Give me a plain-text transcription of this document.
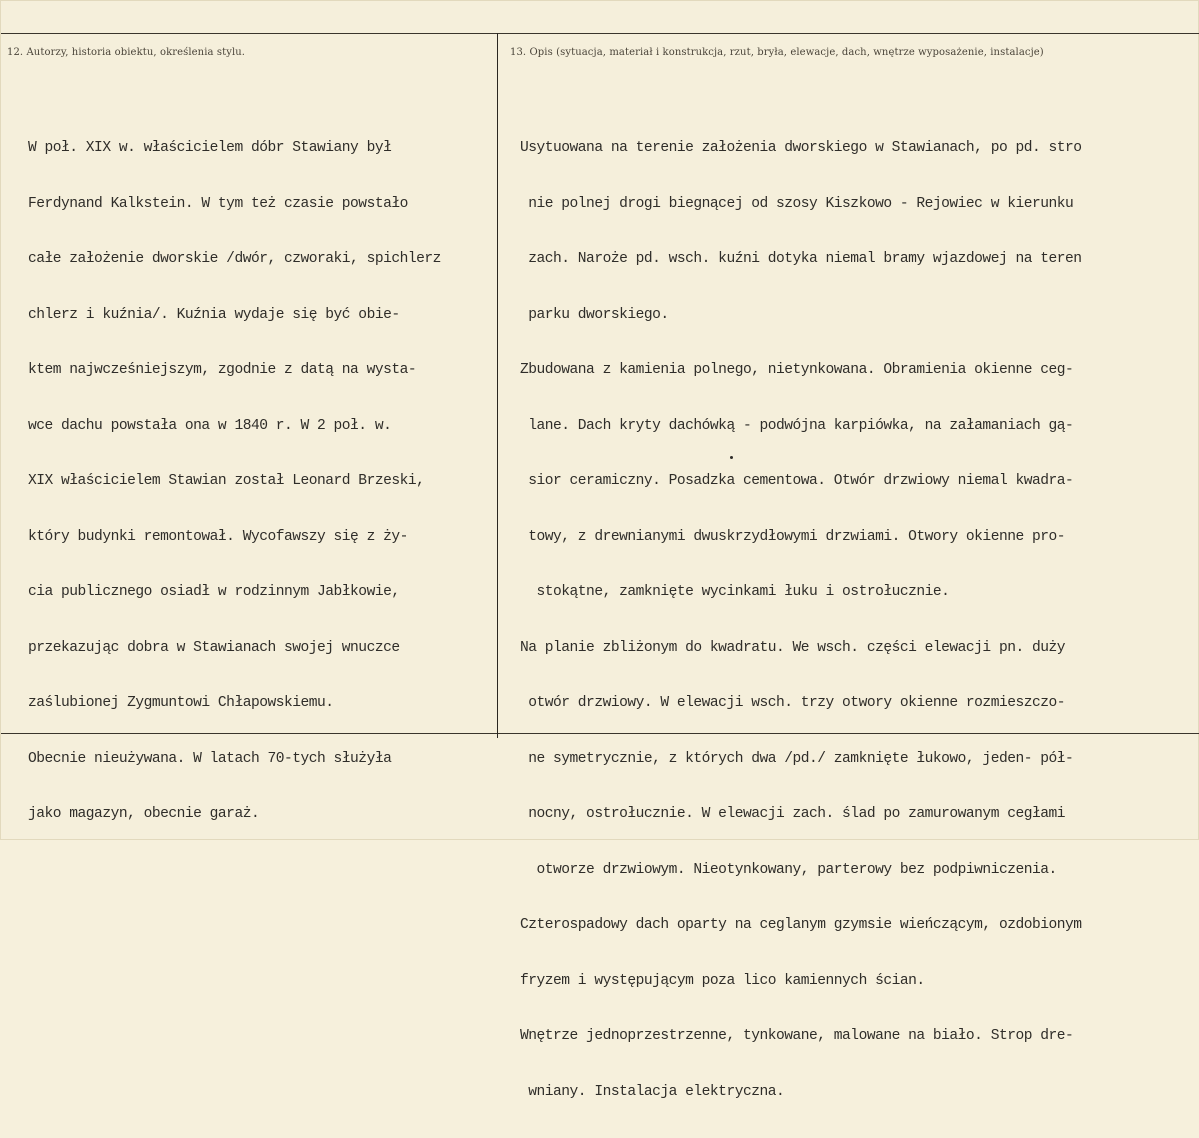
12. Autorzy, historia obiektu, określenia stylu.	13. Opis (sytuacja, materiał i konstrukcja, rzut, bryła, elewacje, dach, wnętrze wyposażenie, instalacje)

W poł. XIX w. właścicielem dóbr Stawiany był

Ferdynand Kalkstein. W tym też czasie powstało

całe założenie dworskie /dwór, czworaki, spichlerz

chlerz i kuźnia/. Kuźnia wydaje się być obie-

ktem najwcześniejszym, zgodnie z datą na wysta-

wce dachu powstała ona w 1840 r. W 2 poł. w.

XIX właścicielem Stawian został Leonard Brzeski,

który budynki remontował. Wycofawszy się z ży-

cia publicznego osiadł w rodzinnym Jabłkowie,

przekazując dobra w Stawianach swojej wnuczce

zaślubionej Zygmuntowi Chłapowskiemu.

Obecnie nieużywana. W latach 70-tych służyła

jako magazyn, obecnie garaż.

Usytuowana na terenie założenia dworskiego w Stawianach, po pd. stro

nie polnej drogi biegnącej od szosy Kiszkowo - Rejowiec w kierunku

zach. Naroże pd. wsch. kuźni dotyka niemal bramy wjazdowej na teren

parku dworskiego.

Zbudowana z kamienia polnego, nietynkowana. Obramienia okienne ceg-

lane. Dach kryty dachówką - podwójna karpiówka, na załamaniach gą-

sior ceramiczny. Posadzka cementowa. Otwór drzwiowy niemal kwadra-

towy, z drewnianymi dwuskrzydłowymi drzwiami. Otwory okienne pro-

stokątne, zamknięte wycinkami łuku i ostrołucznie.

Na planie zbliżonym do kwadratu. We wsch. części elewacji pn. duży

otwór drzwiowy. W elewacji wsch. trzy otwory okienne rozmieszczo-

ne symetrycznie, z których dwa /pd./ zamknięte łukowo, jeden- pół-

nocny, ostrołucznie. W elewacji zach. ślad po zamurowanym cegłami

otworze drzwiowym. Nieotynkowany, parterowy bez podpiwniczenia.

Czterospadowy dach oparty na ceglanym gzymsie wieńczącym, ozdobionym

fryzem i występującym poza lico kamiennych ścian.

Wnętrze jednoprzestrzenne, tynkowane, malowane na biało. Strop dre-

wniany. Instalacja elektryczna.
